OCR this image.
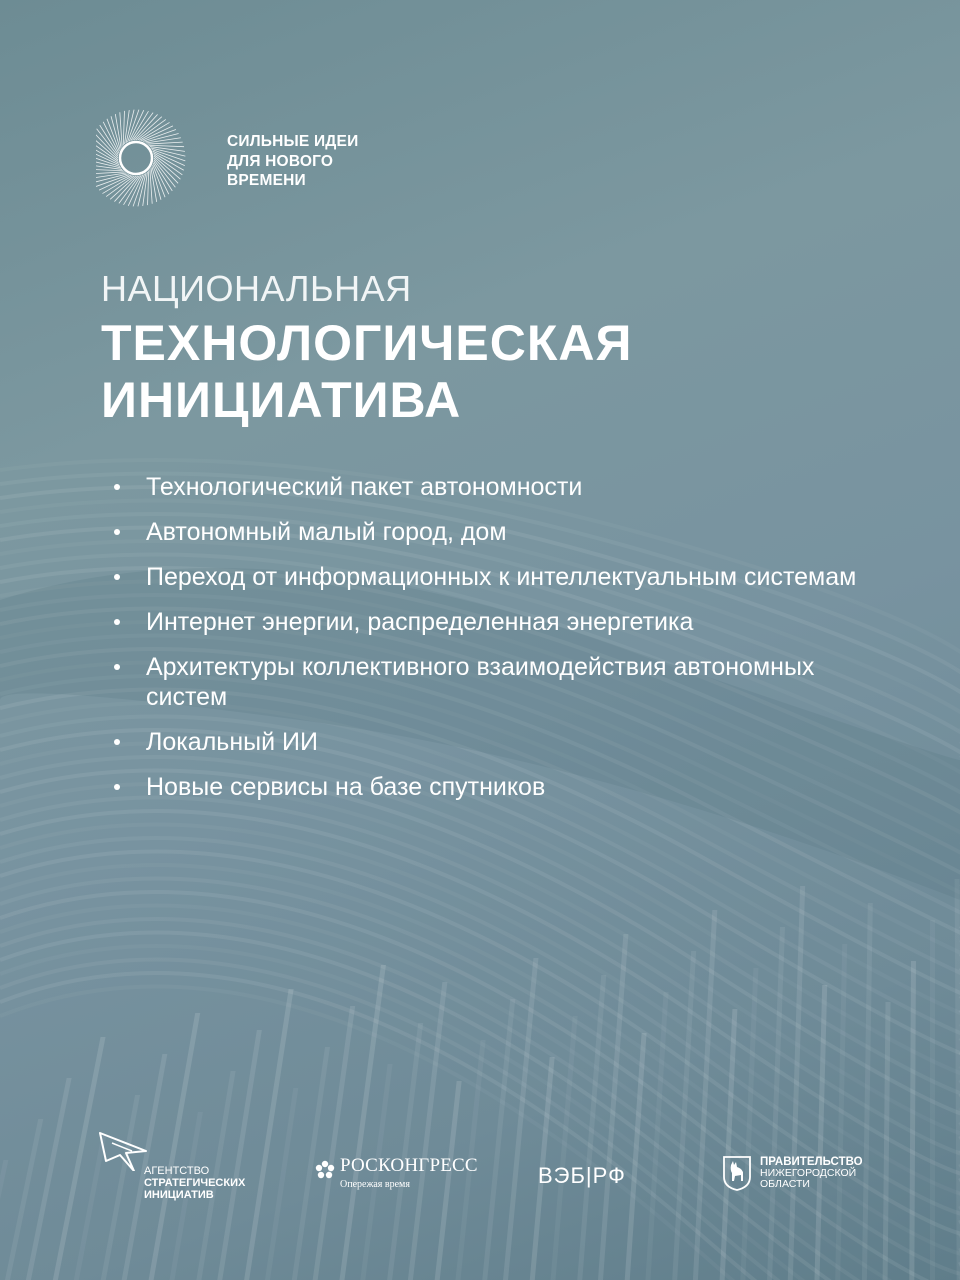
СИЛЬНЫЕ ИДЕИ
ДЛЯ НОВОГО
ВРЕМЕНИ
НАЦИОНАЛЬНАЯ
ТЕХНОЛОГИЧЕСКАЯ
ИНИЦИАТИВА
Технологический пакет автономности
Автономный малый город, дом
Переход от информационных к интеллектуальным системам
Интернет энергии, распределенная энергетика
Архитектуры коллективного взаимодействия автономных систем
Локальный ИИ
Новые сервисы на базе спутников
АГЕНТСТВО
СТРАТЕГИЧЕСКИХ
ИНИЦИАТИВ
РОСКОНГРЕСС
Опережая время	ВЭБ|РФ
ПРАВИТЕЛЬСТВО
НИЖЕГОРОДСКОЙ
ОБЛАСТИ
